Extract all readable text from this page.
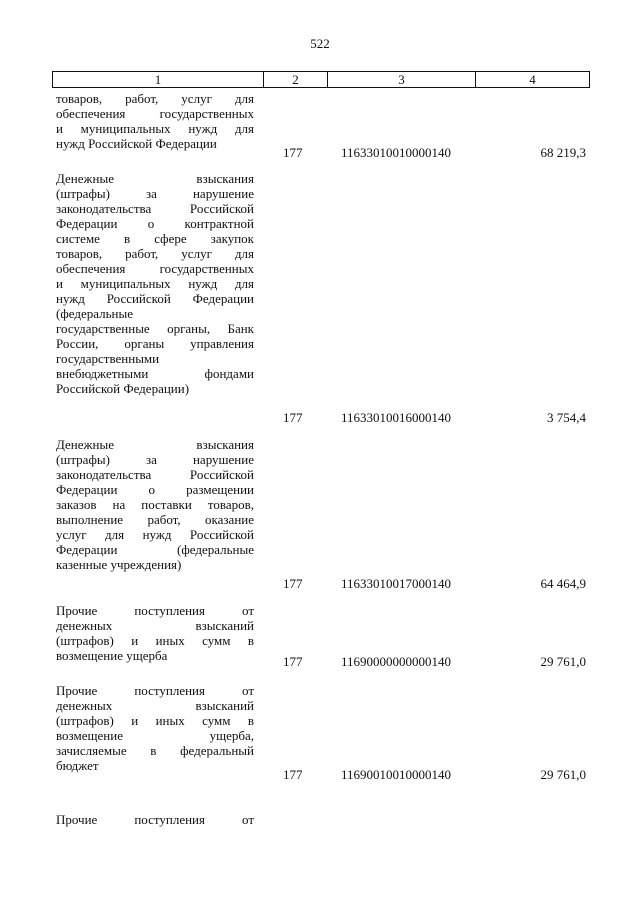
522
1	2	3	4
товаров, работ, услуг для
обеспечения государственных
и муниципальных нужд для
нужд Российской Федерации
177	11633010010000140	68 219,3
Денежные взыскания
(штрафы) за нарушение
законодательства Российской
Федерации о контрактной
системе в сфере закупок
товаров, работ, услуг для
обеспечения государственных
и муниципальных нужд для
нужд Российской Федерации
(федеральные
государственные органы, Банк
России, органы управления
государственными
внебюджетными фондами
Российской Федерации)
177	11633010016000140	3 754,4
Денежные взыскания
(штрафы) за нарушение
законодательства Российской
Федерации о размещении
заказов на поставки товаров,
выполнение работ, оказание
услуг для нужд Российской
Федерации (федеральные
казенные учреждения)
177	11633010017000140	64 464,9
Прочие поступления от
денежных взысканий
(штрафов) и иных сумм в
возмещение ущерба	177	11690000000000140	29 761,0
Прочие поступления от
денежных взысканий
(штрафов) и иных сумм в
возмещение ущерба,
зачисляемые в федеральный
бюджет
177	11690010010000140	29 761,0
Прочие поступления от
